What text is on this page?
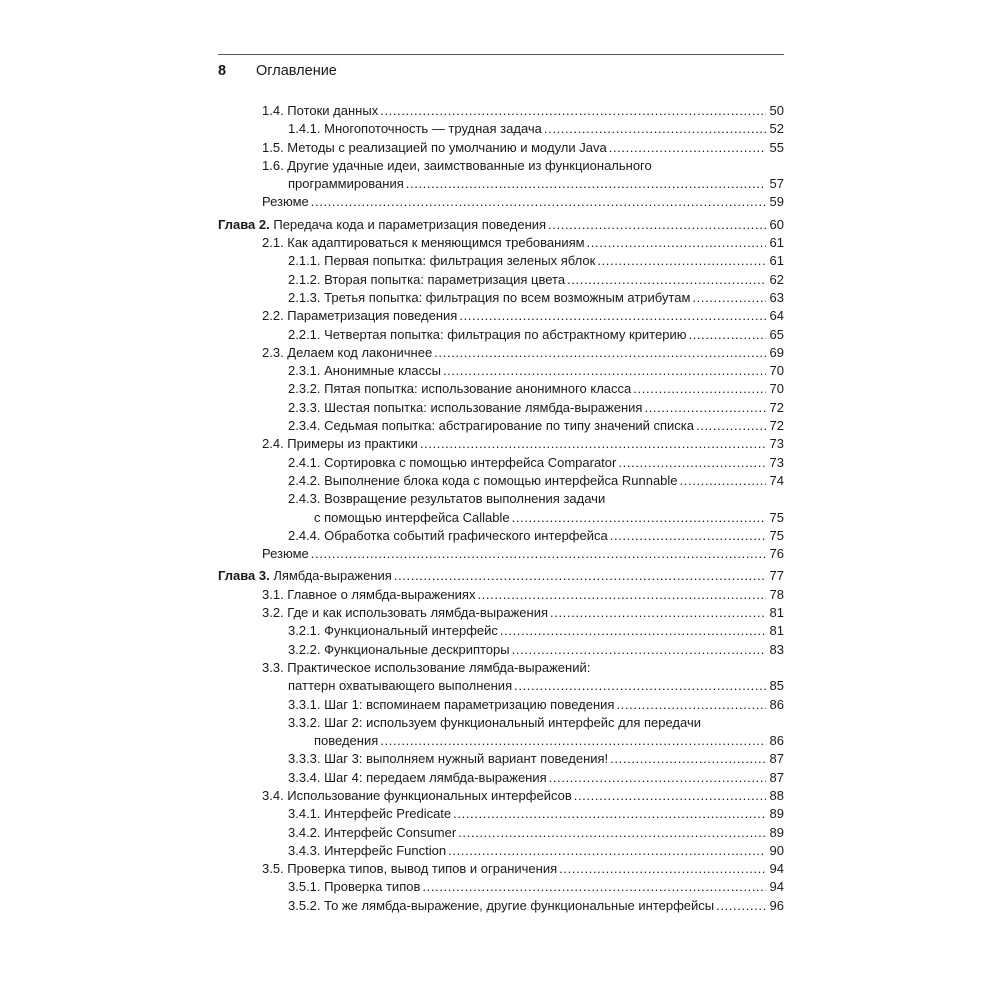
8 Оглавление
1.4. Потоки данных . . .	50
1.4.1. Многопоточность — трудная задача . . .	52
1.5. Методы с реализацией по умолчанию и модули Java . . .	55
1.6. Другие удачные идеи, заимствованные из функционального
программирования . . .	57
Резюме . . .	59
Глава 2. Передача кода и параметризация поведения . . .	60
2.1. Как адаптироваться к меняющимся требованиям . . .	61
2.1.1. Первая попытка: фильтрация зеленых яблок . . .	61
2.1.2. Вторая попытка: параметризация цвета . . .	62
2.1.3. Третья попытка: фильтрация по всем возможным атрибутам . . .	63
2.2. Параметризация поведения . . .	64
2.2.1. Четвертая попытка: фильтрация по абстрактному критерию . . .	65
2.3. Делаем код лаконичнее . . .	69
2.3.1. Анонимные классы . . .	70
2.3.2. Пятая попытка: использование анонимного класса . . .	70
2.3.3. Шестая попытка: использование лямбда-выражения . . .	72
2.3.4. Седьмая попытка: абстрагирование по типу значений списка . . .	72
2.4. Примеры из практики . . .	73
2.4.1. Сортировка с помощью интерфейса Comparator . . .	73
2.4.2. Выполнение блока кода с помощью интерфейса Runnable . . .	74
2.4.3. Возвращение результатов выполнения задачи
с помощью интерфейса Callable . . .	75
2.4.4. Обработка событий графического интерфейса . . .	75
Резюме . . .	76
Глава 3. Лямбда-выражения . . .	77
3.1. Главное о лямбда-выражениях . . .	78
3.2. Где и как использовать лямбда-выражения . . .	81
3.2.1. Функциональный интерфейс . . .	81
3.2.2. Функциональные дескрипторы . . .	83
3.3. Практическое использование лямбда-выражений:
паттерн охватывающего выполнения . . .	85
3.3.1. Шаг 1: вспоминаем параметризацию поведения . . .	86
3.3.2. Шаг 2: используем функциональный интерфейс для передачи
поведения . . .	86
3.3.3. Шаг 3: выполняем нужный вариант поведения! . . .	87
3.3.4. Шаг 4: передаем лямбда-выражения . . .	87
3.4. Использование функциональных интерфейсов . . .	88
3.4.1. Интерфейс Predicate . . .	89
3.4.2. Интерфейс Consumer . . .	89
3.4.3. Интерфейс Function . . .	90
3.5. Проверка типов, вывод типов и ограничения . . .	94
3.5.1. Проверка типов . . .	94
3.5.2. То же лямбда-выражение, другие функциональные интерфейсы . . .	96
